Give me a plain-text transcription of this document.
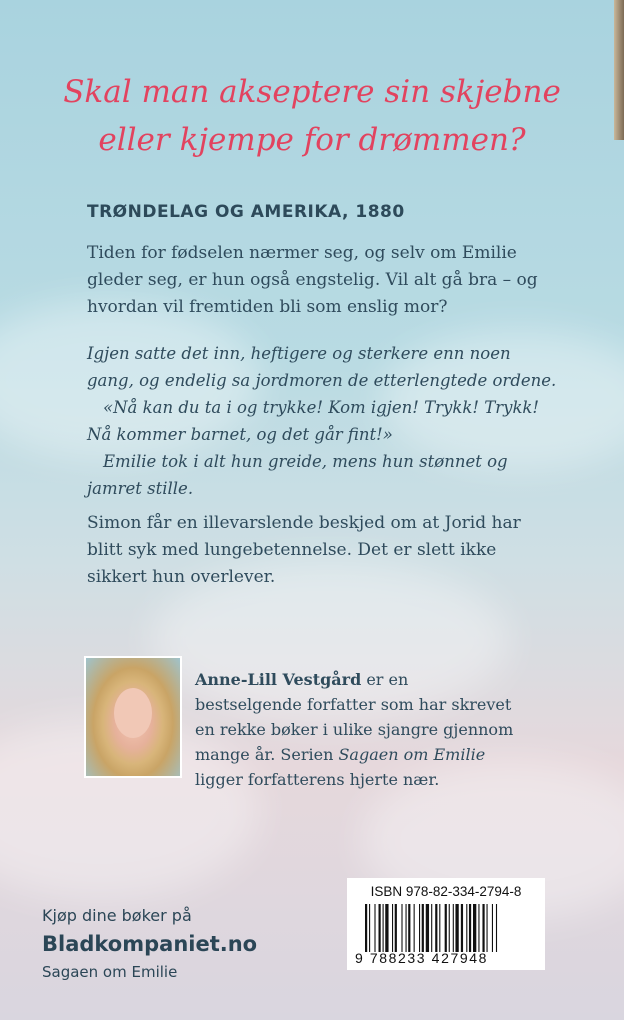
Skal man akseptere sin skjebne
eller kjempe for drømmen?
TRØNDELAG OG AMERIKA, 1880

Tiden for fødselen nærmer seg, og selv om Emilie gleder seg, er hun også engstelig. Vil alt gå bra – og hvordan vil fremtiden bli som enslig mor?

Igjen satte det inn, heftigere og sterkere enn noen gang, og endelig sa jordmoren de etterlengtede ordene.

«Nå kan du ta i og trykke! Kom igjen! Trykk! Trykk! Nå kommer barnet, og det går fint!»

Emilie tok i alt hun greide, mens hun stønnet og jamret stille.

Simon får en illevarslende beskjed om at Jorid har blitt syk med lungebetennelse. Det er slett ikke sikkert hun overlever.

Anne-Lill Vestgård er en bestselgende forfatter som har skrevet en rekke bøker i ulike sjangre gjennom mange år. Serien Sagaen om Emilie ligger forfatterens hjerte nær.

Kjøp dine bøker på
Bladkompaniet.no
Sagaen om Emilie
ISBN 978-82-334-2794-8
9 788233 427948
